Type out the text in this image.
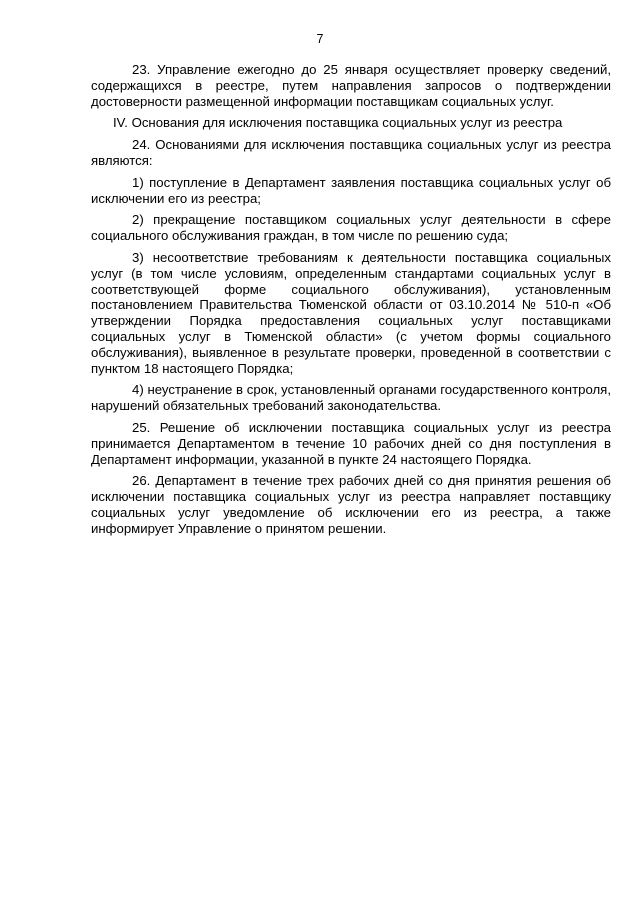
7

23. Управление ежегодно до 25 января осуществляет проверку сведений, содержащихся в реестре, путем направления запросов о подтверждении достоверности размещенной информации поставщикам социальных услуг.

IV. Основания для исключения поставщика социальных услуг из реестра

24. Основаниями для исключения поставщика социальных услуг из реестра являются:

1) поступление в Департамент заявления поставщика социальных услуг об исключении его из реестра;

2) прекращение поставщиком социальных услуг деятельности в сфере социального обслуживания граждан, в том числе по решению суда;

3) несоответствие требованиям к деятельности поставщика социальных услуг (в том числе условиям, определенным стандартами социальных услуг в соответствующей форме социального обслуживания), установленным постановлением Правительства Тюменской области от 03.10.2014 № 510-п «Об утверждении Порядка предоставления социальных услуг поставщиками социальных услуг в Тюменской области» (с учетом формы социального обслуживания), выявленное в результате проверки, проведенной в соответствии с пунктом 18 настоящего Порядка;

4) неустранение в срок, установленный органами государственного контроля, нарушений обязательных требований законодательства.

25. Решение об исключении поставщика социальных услуг из реестра принимается Департаментом в течение 10 рабочих дней со дня поступления в Департамент информации, указанной в пункте 24 настоящего Порядка.

26. Департамент в течение трех рабочих дней со дня принятия решения об исключении поставщика социальных услуг из реестра направляет поставщику социальных услуг уведомление об исключении его из реестра, а также информирует Управление о принятом решении.
